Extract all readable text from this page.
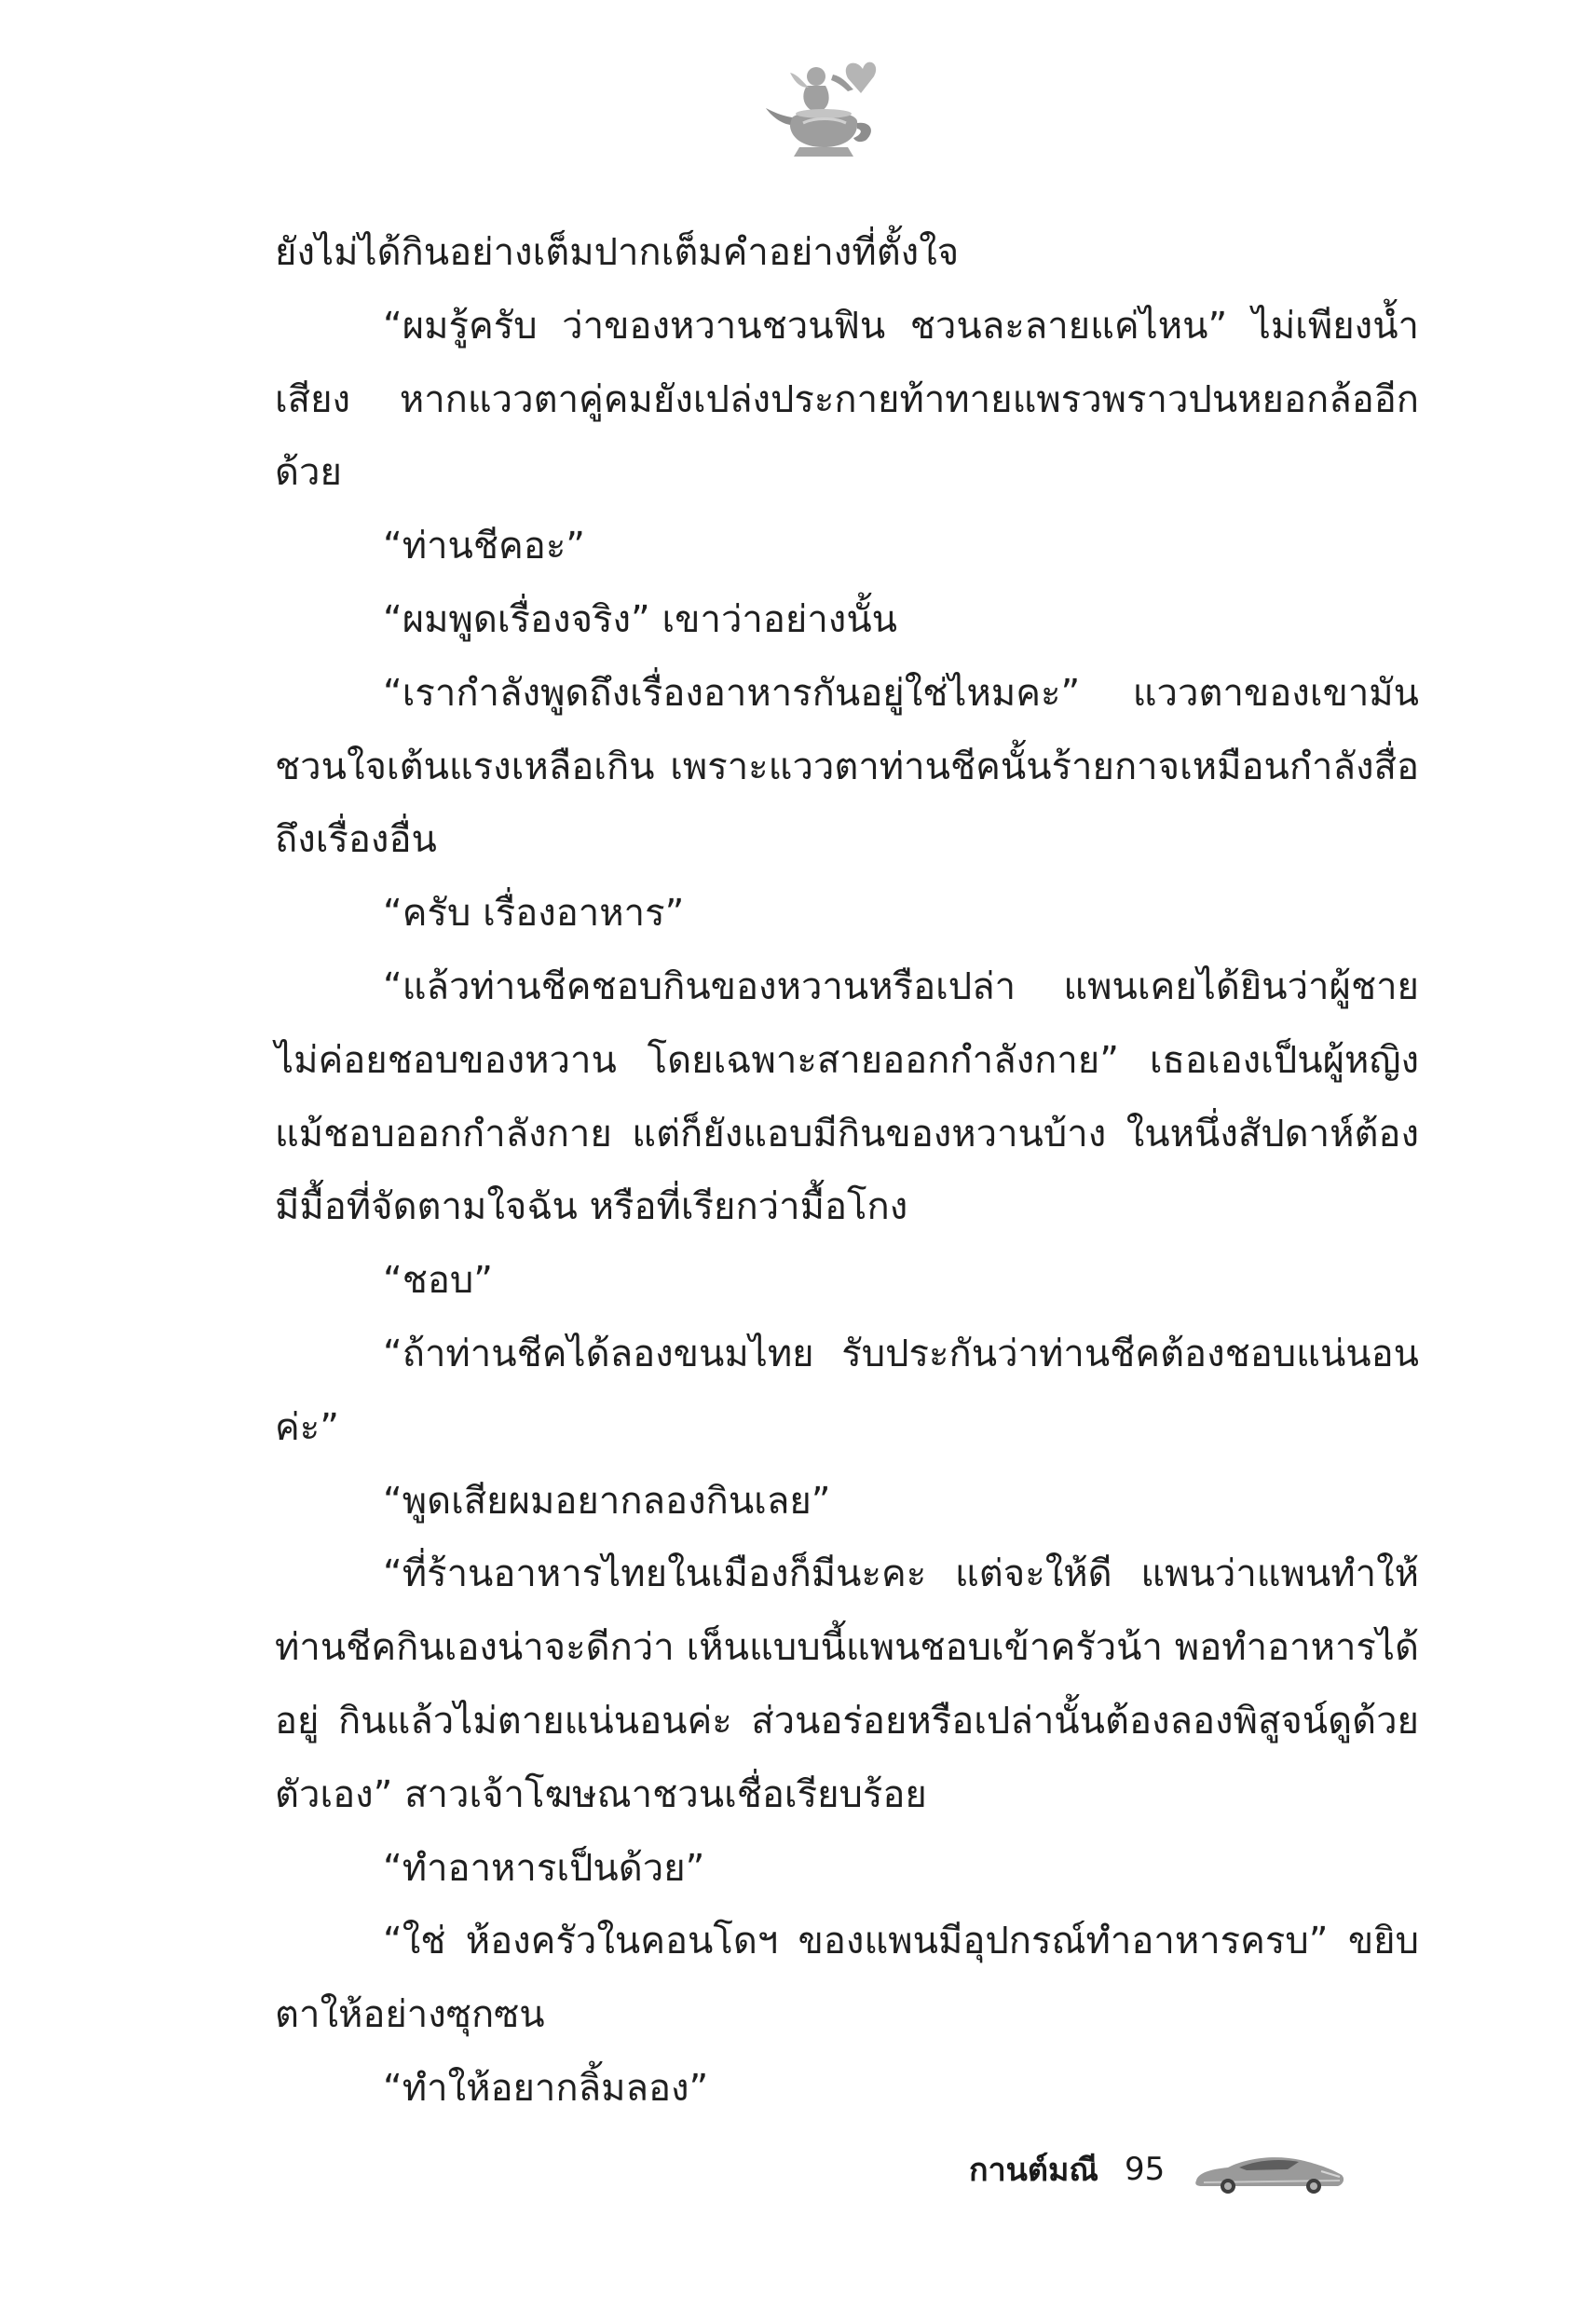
ยังไม่ได้กินอย่างเต็มปากเต็มคำอย่างที่ตั้งใจ

“ผมรู้ครับ ว่าของหวานชวนฟิน ชวนละลายแค่ไหน” ไม่เพียงน้ำเสียง หากแววตาคู่คมยังเปล่งประกายท้าทายแพรวพราวปนหยอกล้ออีกด้วย

“ท่านชีคอะ”

“ผมพูดเรื่องจริง” เขาว่าอย่างนั้น

“เรากำลังพูดถึงเรื่องอาหารกันอยู่ใช่ไหมคะ” แววตาของเขามันชวนใจเต้นแรงเหลือเกิน เพราะแววตาท่านชีคนั้นร้ายกาจเหมือนกำลังสื่อถึงเรื่องอื่น

“ครับ เรื่องอาหาร”

“แล้วท่านชีคชอบกินของหวานหรือเปล่า แพนเคยได้ยินว่าผู้ชายไม่ค่อยชอบของหวาน โดยเฉพาะสายออกกำลังกาย” เธอเองเป็นผู้หญิงแม้ชอบออกกำลังกาย แต่ก็ยังแอบมีกินของหวานบ้าง ในหนึ่งสัปดาห์ต้องมีมื้อที่จัดตามใจฉัน หรือที่เรียกว่ามื้อโกง

“ชอบ”

“ถ้าท่านชีคได้ลองขนมไทย รับประกันว่าท่านชีคต้องชอบแน่นอนค่ะ”

“พูดเสียผมอยากลองกินเลย”

“ที่ร้านอาหารไทยในเมืองก็มีนะคะ แต่จะให้ดี แพนว่าแพนทำให้ท่านชีคกินเองน่าจะดีกว่า เห็นแบบนี้แพนชอบเข้าครัวน้า พอทำอาหารได้อยู่ กินแล้วไม่ตายแน่นอนค่ะ ส่วนอร่อยหรือเปล่านั้นต้องลองพิสูจน์ดูด้วยตัวเอง” สาวเจ้าโฆษณาชวนเชื่อเรียบร้อย

“ทำอาหารเป็นด้วย”

“ใช่ ห้องครัวในคอนโดฯ ของแพนมีอุปกรณ์ทำอาหารครบ” ขยิบตาให้อย่างซุกซน

“ทำให้อยากลิ้มลอง”

กานต์มณี 95
